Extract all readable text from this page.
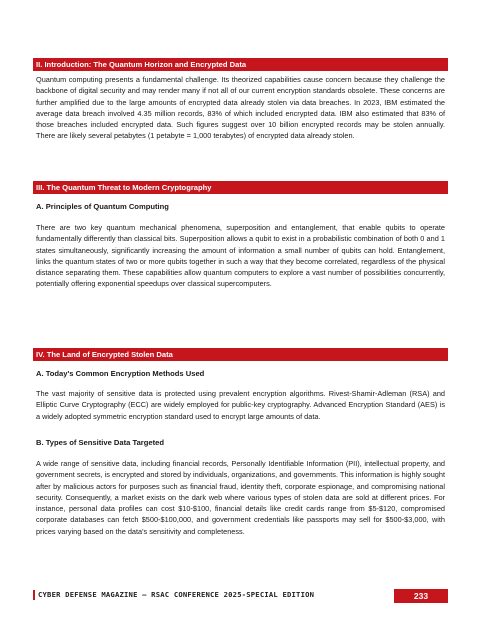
II. Introduction: The Quantum Horizon and Encrypted Data

Quantum computing presents a fundamental challenge. Its theorized capabilities cause concern because they challenge the backbone of digital security and may render many if not all of our current encryption standards obsolete. These concerns are further amplified due to the large amounts of encrypted data already stolen via data breaches. In 2023, IBM estimated the average data breach involved 4.35 million records, 83% of which included encrypted data. IBM also estimated that 83% of those breaches included encrypted data. Such figures suggest over 10 billion encrypted records may be stolen annually. There are likely several petabytes (1 petabyte = 1,000 terabytes) of encrypted data already stolen.

III. The Quantum Threat to Modern Cryptography

A. Principles of Quantum Computing

There are two key quantum mechanical phenomena, superposition and entanglement, that enable qubits to operate fundamentally differently than classical bits. Superposition allows a qubit to exist in a probabilistic combination of both 0 and 1 states simultaneously, significantly increasing the amount of information a small number of qubits can hold. Entanglement, links the quantum states of two or more qubits together in such a way that they become correlated, regardless of the physical distance separating them. These capabilities allow quantum computers to explore a vast number of possibilities concurrently, potentially offering exponential speedups over classical supercomputers.

IV. The Land of Encrypted Stolen Data

A. Today's Common Encryption Methods Used

The vast majority of sensitive data is protected using prevalent encryption algorithms. Rivest-Shamir-Adleman (RSA) and Elliptic Curve Cryptography (ECC) are widely employed for public-key cryptography. Advanced Encryption Standard (AES) is a widely adopted symmetric encryption standard used to encrypt large amounts of data.

B. Types of Sensitive Data Targeted

A wide range of sensitive data, including financial records, Personally Identifiable Information (PII), intellectual property, and government secrets, is encrypted and stored by individuals, organizations, and governments. This information is highly sought after by malicious actors for purposes such as financial fraud, identity theft, corporate espionage, and compromising national security. Consequently, a market exists on the dark web where various types of stolen data are sold at different prices. For instance, personal data profiles can cost $10-$100, financial details like credit cards range from $5-$120, compromised corporate databases can fetch $500-$100,000, and government credentials like passports may sell for $500-$3,000, with prices varying based on the data's sensitivity and completeness.

CYBER DEFENSE MAGAZINE – RSAC CONFERENCE 2025-SPECIAL EDITION	233
